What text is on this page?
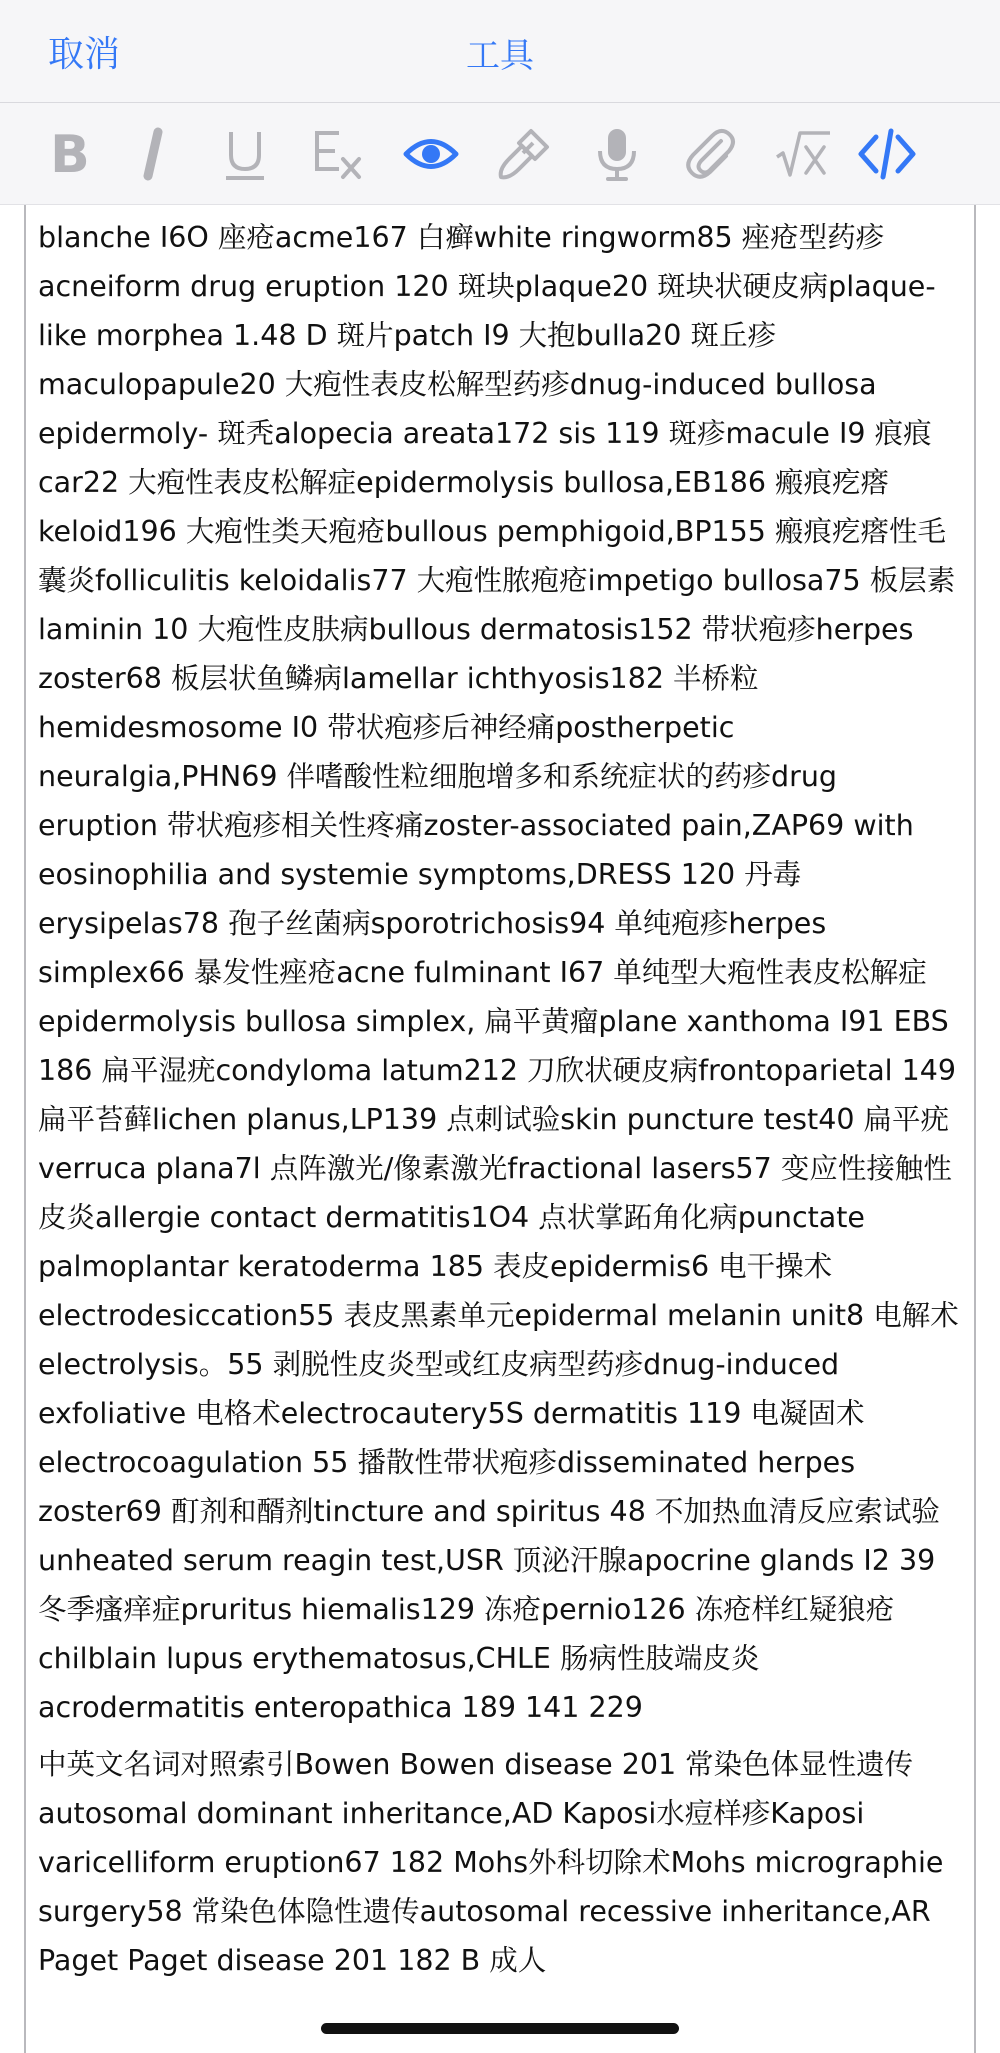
取消	工具
B

blanche I6O 座疮acme167 白癣white ringworm85 痤疮型药疹acneiform drug eruption 120 斑块plaque20 斑块状硬皮病plaque-like morphea 1.48 D 斑片patch I9 大抱bulla20 斑丘疹maculopapule20 大疱性表皮松解型药疹dnug-induced bullosa epidermoly- 斑秃alopecia areata172 sis 119 斑疹macule I9 痕痕car22 大疱性表皮松解症epidermolysis bullosa,EB186 瘢痕疙瘩keloid196 大疱性类天疱疮bullous pemphigoid,BP155 瘢痕疙瘩性毛囊炎folliculitis keloidalis77 大疱性脓疱疮impetigo bullosa75 板层素laminin 10 大疱性皮肤病bullous dermatosis152 带状疱疹herpes zoster68 板层状鱼鳞病lamellar ichthyosis182 半桥粒hemidesmosome I0 带状疱疹后神经痛postherpetic neuralgia,PHN69 伴嗜酸性粒细胞增多和系统症状的药疹drug eruption 带状疱疹相关性疼痛zoster-associated pain,ZAP69 with eosinophilia and systemie symptoms,DRESS 120 丹毒erysipelas78 孢子丝菌病sporotrichosis94 单纯疱疹herpes simplex66 暴发性痤疮acne fulminant I67 单纯型大疱性表皮松解症epidermolysis bullosa simplex, 扁平黄瘤plane xanthoma I91 EBS 186 扁平湿疣condyloma latum212 刀欣状硬皮病frontoparietal 149 扁平苔藓lichen planus,LP139 点刺试验skin puncture test40 扁平疣verruca plana7l 点阵激光/像素激光fractional lasers57 变应性接触性皮炎allergie contact dermatitis1O4 点状掌跖角化病punctate palmoplantar keratoderma 185 表皮epidermis6 电干操术electrodesiccation55 表皮黑素单元epidermal melanin unit8 电解术electrolysis。55 剥脱性皮炎型或红皮病型药疹dnug-induced exfoliative 电格术electrocautery5S dermatitis 119 电凝固术electrocoagulation 55 播散性带状疱疹disseminated herpes zoster69 酊剂和醑剂tincture and spiritus 48 不加热血清反应索试验unheated serum reagin test,USR 顶泌汗腺apocrine glands I2 39 冬季瘙痒症pruritus hiemalis129 冻疮pernio126 冻疮样红疑狼疮chilblain lupus erythematosus,CHLE 肠病性肢端皮炎acrodermatitis enteropathica 189 141 229

中英文名词对照索引Bowen Bowen disease 201 常染色体显性遗传autosomal dominant inheritance,AD Kaposi水痘样疹Kaposi varicelliform eruption67 182 Mohs外科切除术Mohs micrographie surgery58 常染色体隐性遗传autosomal recessive inheritance,AR Paget Paget disease 201 182 B 成人
